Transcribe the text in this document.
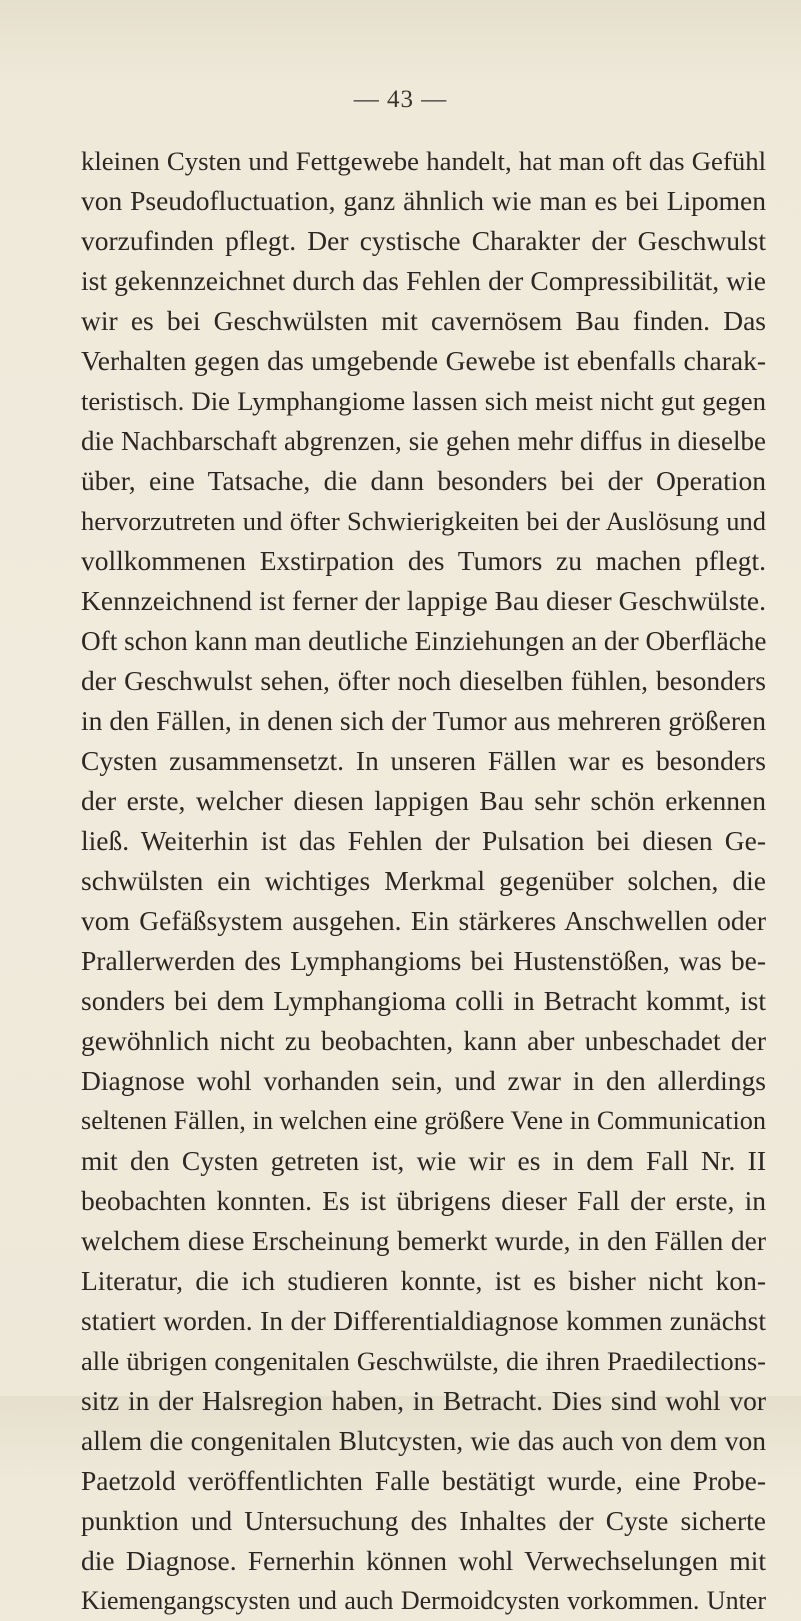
— 43 —
kleinen Cysten und Fettgewebe handelt, hat man oft das Gefühl
von Pseudofluctuation, ganz ähnlich wie man es bei Lipomen
vorzufinden pflegt. Der cystische Charakter der Geschwulst
ist gekennzeichnet durch das Fehlen der Compressibilität, wie
wir es bei Geschwülsten mit cavernösem Bau finden. Das
Verhalten gegen das umgebende Gewebe ist ebenfalls charak-
teristisch. Die Lymphangiome lassen sich meist nicht gut gegen
die Nachbarschaft abgrenzen, sie gehen mehr diffus in dieselbe
über, eine Tatsache, die dann besonders bei der Operation
hervorzutreten und öfter Schwierigkeiten bei der Auslösung und
vollkommenen Exstirpation des Tumors zu machen pflegt.
Kennzeichnend ist ferner der lappige Bau dieser Geschwülste.
Oft schon kann man deutliche Einziehungen an der Oberfläche
der Geschwulst sehen, öfter noch dieselben fühlen, besonders
in den Fällen, in denen sich der Tumor aus mehreren größeren
Cysten zusammensetzt. In unseren Fällen war es besonders
der erste, welcher diesen lappigen Bau sehr schön erkennen
ließ. Weiterhin ist das Fehlen der Pulsation bei diesen Ge-
schwülsten ein wichtiges Merkmal gegenüber solchen, die
vom Gefäßsystem ausgehen. Ein stärkeres Anschwellen oder
Prallerwerden des Lymphangioms bei Hustenstößen, was be-
sonders bei dem Lymphangioma colli in Betracht kommt, ist
gewöhnlich nicht zu beobachten, kann aber unbeschadet der
Diagnose wohl vorhanden sein, und zwar in den allerdings
seltenen Fällen, in welchen eine größere Vene in Communication
mit den Cysten getreten ist, wie wir es in dem Fall Nr. II
beobachten konnten. Es ist übrigens dieser Fall der erste, in
welchem diese Erscheinung bemerkt wurde, in den Fällen der
Literatur, die ich studieren konnte, ist es bisher nicht kon-
statiert worden. In der Differentialdiagnose kommen zunächst
alle übrigen congenitalen Geschwülste, die ihren Praedilections-
sitz in der Halsregion haben, in Betracht. Dies sind wohl vor
allem die congenitalen Blutcysten, wie das auch von dem von
Paetzold veröffentlichten Falle bestätigt wurde, eine Probe-
punktion und Untersuchung des Inhaltes der Cyste sicherte
die Diagnose. Fernerhin können wohl Verwechselungen mit
Kiemengangscysten und auch Dermoidcysten vorkommen. Unter
